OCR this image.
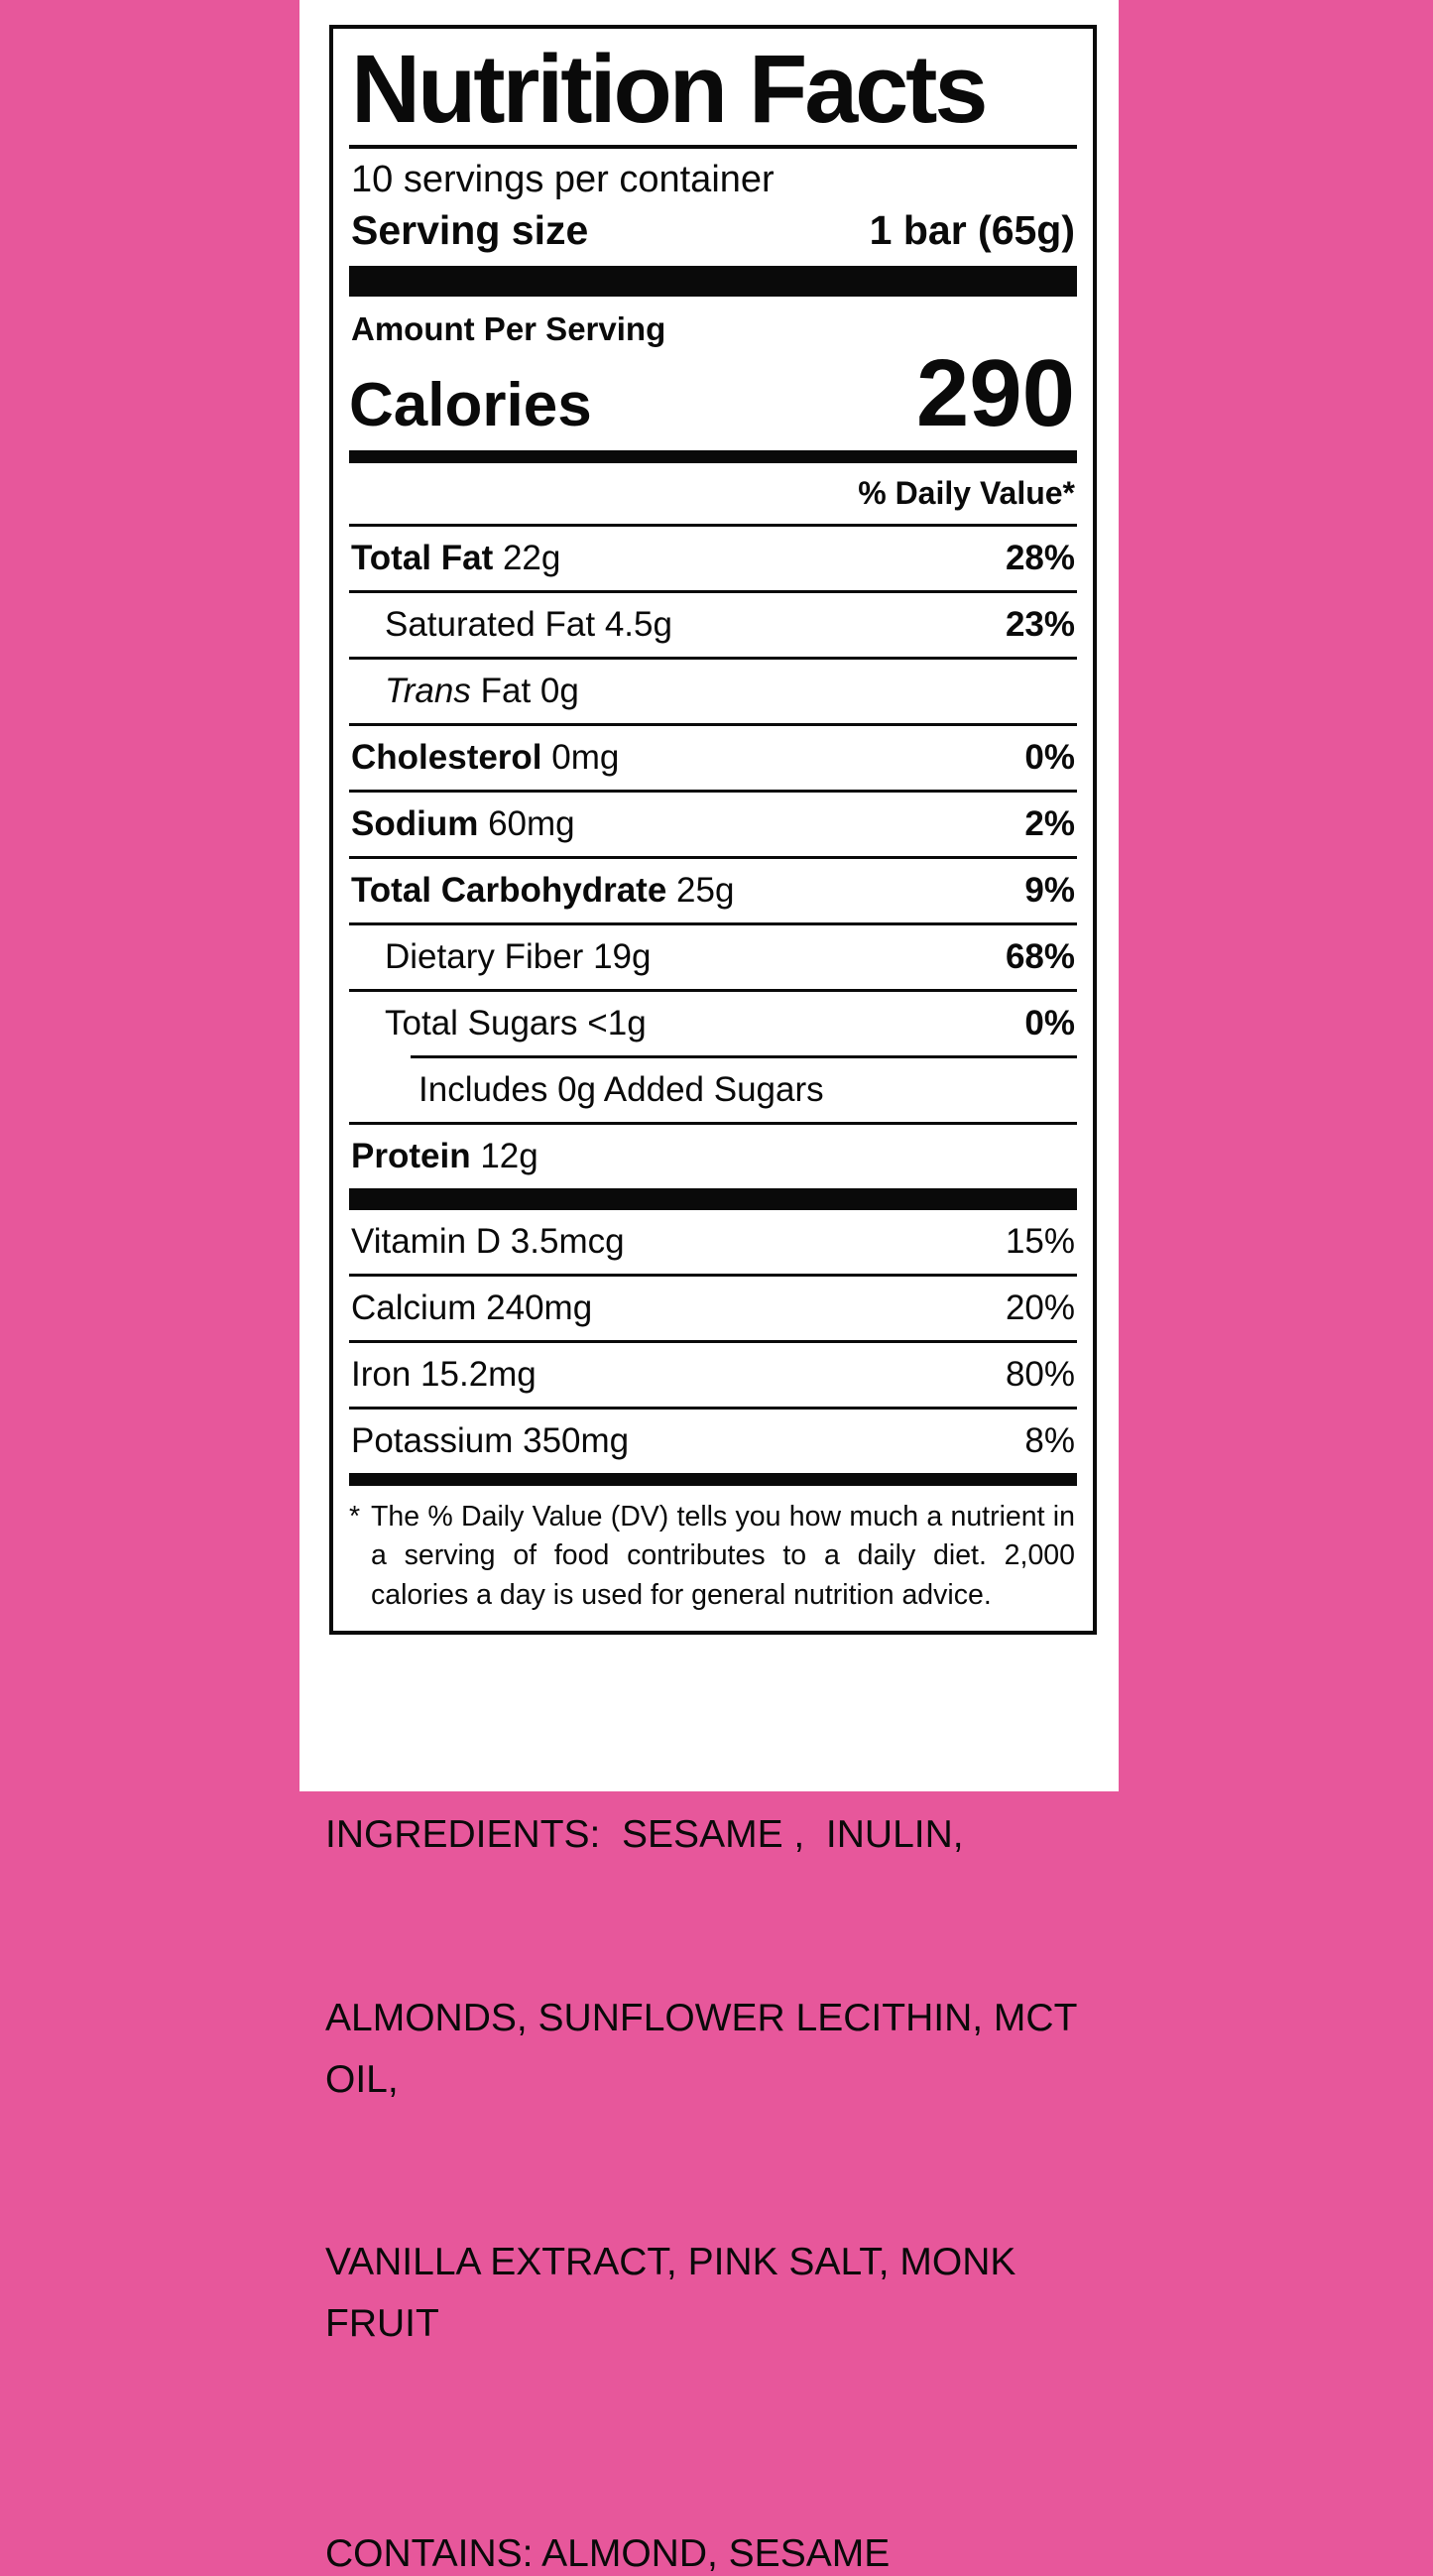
Nutrition Facts
10 servings per container
Serving size	1 bar (65g)
Amount Per Serving
Calories	290
% Daily Value*
Total Fat 22g	28%
Saturated Fat 4.5g	23%
Trans Fat 0g
Cholesterol 0mg	0%
Sodium 60mg	2%
Total Carbohydrate 25g	9%
Dietary Fiber 19g	68%
Total Sugars <1g	0%
Includes 0g Added Sugars
Protein 12g
Vitamin D 3.5mcg	15%
Calcium 240mg	20%
Iron 15.2mg	80%
Potassium 350mg	8%
* The % Daily Value (DV) tells you how much a nutrient in a serving of food contributes to a daily diet. 2,000 calories a day is used for general nutrition advice.

INGREDIENTS:  SESAME ,  INULIN,

ALMONDS, SUNFLOWER LECITHIN, MCT OIL,

VANILLA EXTRACT, PINK SALT, MONK FRUIT

CONTAINS: ALMOND, SESAME
